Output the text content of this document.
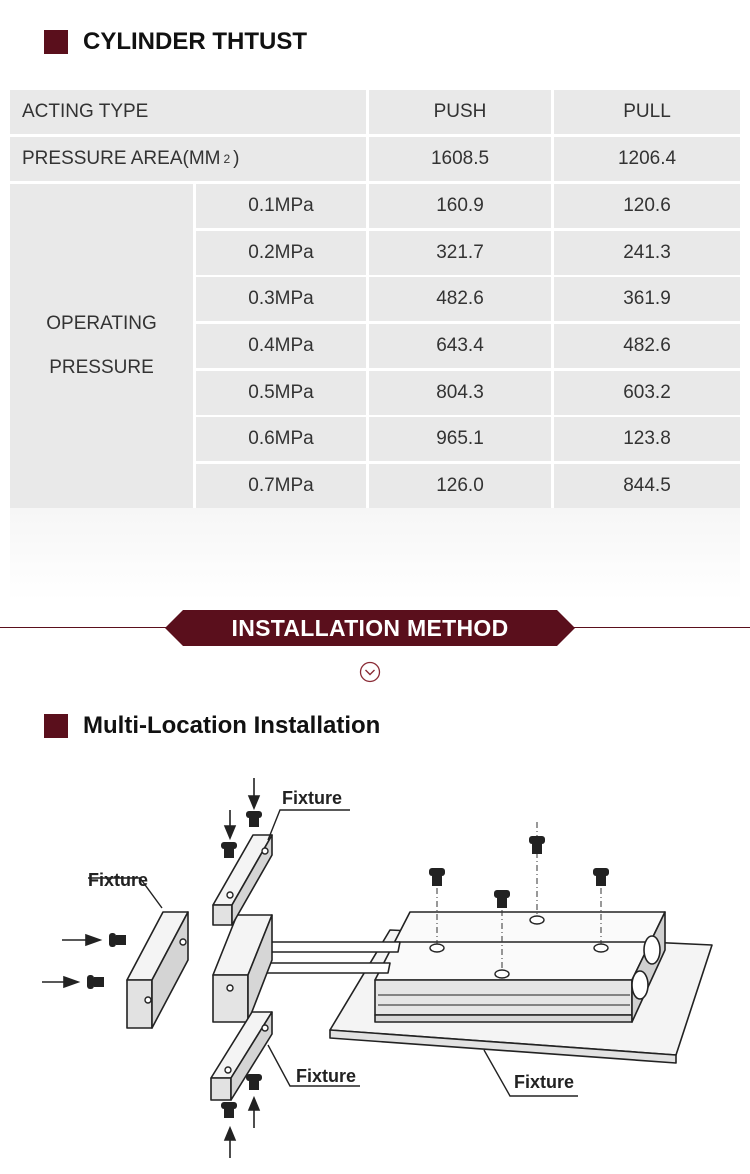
CYLINDER THTUST
ACTING TYPE	PUSH	PULL
PRESSURE AREA(MM 2 )	1608.5	1206.4
OPERATING
PRESSURE
0.1MPa	160.9	120.6
0.2MPa	321.7	241.3
0.3MPa	482.6	361.9
0.4MPa	643.4	482.6
0.5MPa	804.3	603.2
0.6MPa	965.1	123.8
0.7MPa	126.0	844.5
INSTALLATION METHOD
Multi-Location Installation
Fixture
Fixture
Fixture	Fixture
